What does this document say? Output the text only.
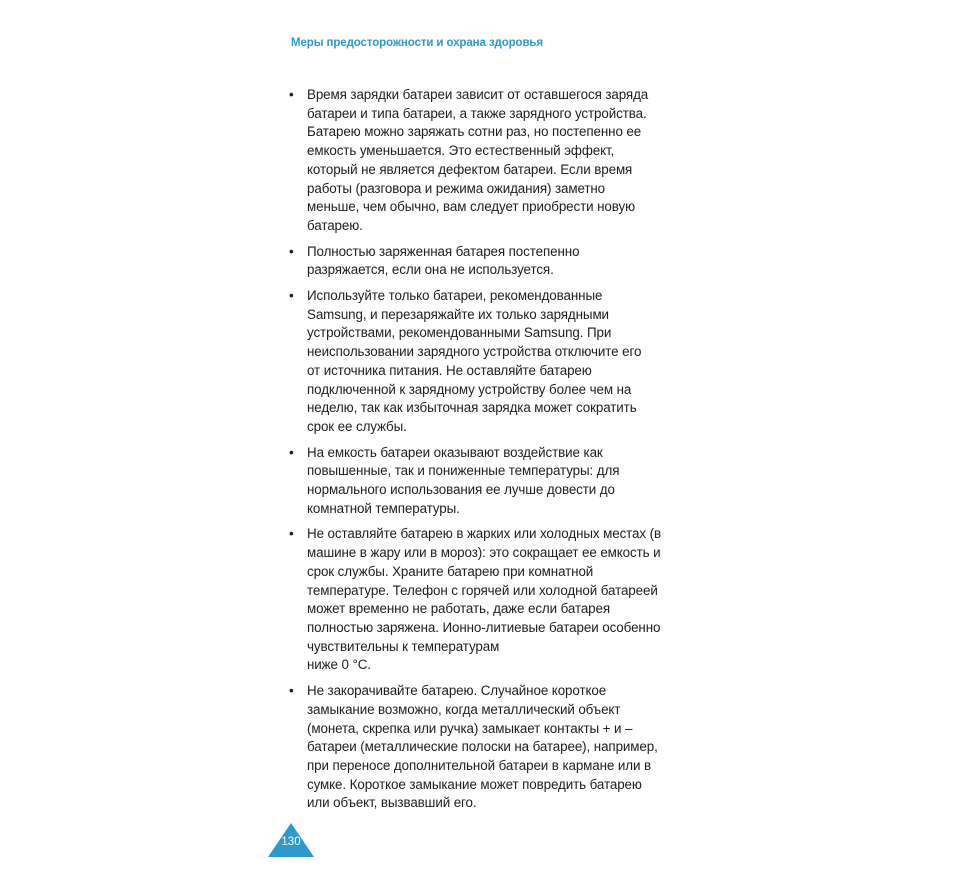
Меры предосторожности и охрана здоровья
• Время зарядки батареи зависит от оставшегося заряда
батареи и типа батареи, а также зарядного устройства.
Батарею можно заряжать сотни раз, но постепенно ее
емкость уменьшается. Это естественный эффект,
который не является дефектом батареи. Если время
работы (разговора и режима ожидания) заметно
меньше, чем обычно, вам следует приобрести новую
батарею.
• Полностью заряженная батарея постепенно
разряжается, если она не используется.
• Используйте только батареи, рекомендованные
Samsung, и перезаряжайте их только зарядными
устройствами, рекомендованными Samsung. При
неиспользовании зарядного устройства отключите его
от источника питания. Не оставляйте батарею
подключенной к зарядному устройству более чем на
неделю, так как избыточная зарядка может сократить
срок ее службы.
• На емкость батареи оказывают воздействие как
повышенные, так и пониженные температуры: для
нормального использования ее лучше довести до
комнатной температуры.
• Не оставляйте батарею в жарких или холодных местах (в
машине в жару или в мороз): это сокращает ее емкость и
срок службы. Храните батарею при комнатной
температуре. Телефон с горячей или холодной батареей
может временно не работать, даже если батарея
полностью заряжена. Ионно-литиевые батареи особенно
чувствительны к температурам
ниже 0 °C.
• Не закорачивайте батарею. Случайное короткое
замыкание возможно, когда металлический объект
(монета, скрепка или ручка) замыкает контакты + и –
батареи (металлические полоски на батарее), например,
при переносе дополнительной батареи в кармане или в
сумке. Короткое замыкание может повредить батарею
или объект, вызвавший его.
130
